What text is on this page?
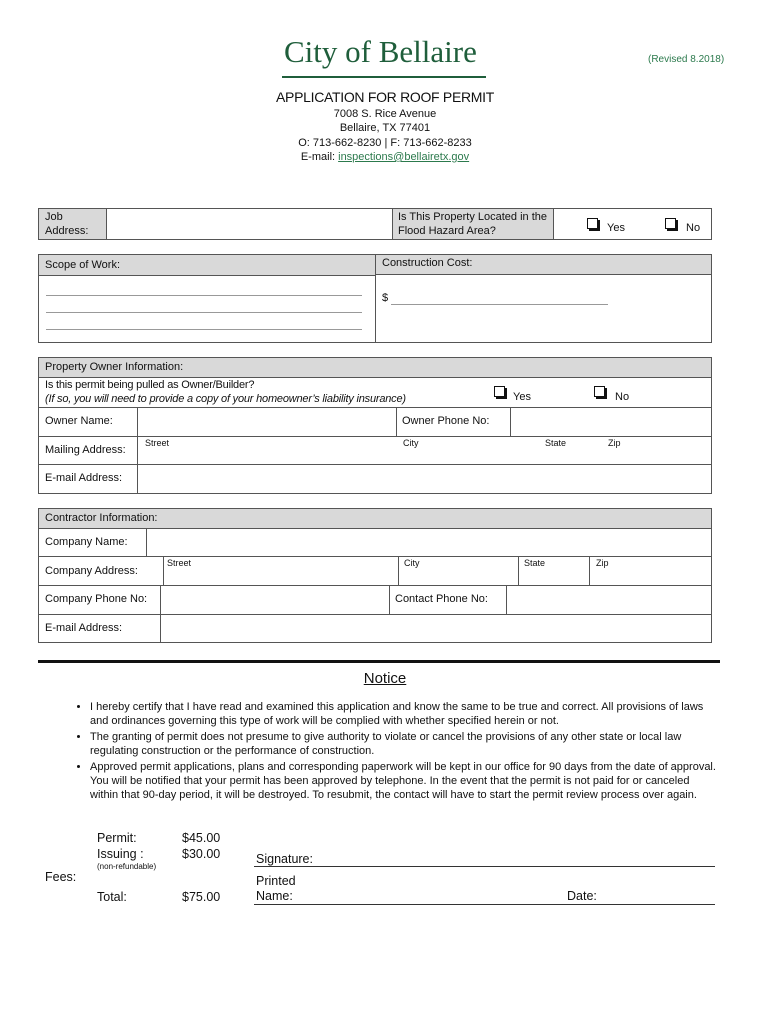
City of Bellaire	(Revised 8.2018)
APPLICATION FOR ROOF PERMIT
7008 S. Rice Avenue
Bellaire, TX 77401
O: 713-662-8230 | F: 713-662-8233
E-mail: inspections@bellairetx.gov
Job Address:
Is This Property Located in the Flood Hazard Area?	Yes	No
Scope of Work:	Construction Cost:
$
Property Owner Information:
Is this permit being pulled as Owner/Builder?
(If so, you will need to provide a copy of your homeowner’s liability insurance)	Yes	No
Owner Name:	Owner Phone No:
Mailing Address:
Street	City	State	Zip
E-mail Address:
Contractor Information:
Company Name:
Company Address:
Street	City	State	Zip
Company Phone No:	Contact Phone No:
E-mail Address:
Notice
• I hereby certify that I have read and examined this application and know the same to be true and correct. All provisions of laws and ordinances governing this type of work will be complied with whether specified herein or not.
• The granting of permit does not presume to give authority to violate or cancel the provisions of any other state or local law regulating construction or the performance of construction.
• Approved permit applications, plans and corresponding paperwork will be kept in our office for 90 days from the date of approval. You will be notified that your permit has been approved by telephone. In the event that the permit is not paid for or canceled within that 90-day period, it will be destroyed. To resubmit, the contact will have to start the permit review process over again.
Fees:
Permit:	$45.00
Issuing :	$30.00
(non-refundable)
Total:	$75.00
Signature:
Printed
Name:	Date:
